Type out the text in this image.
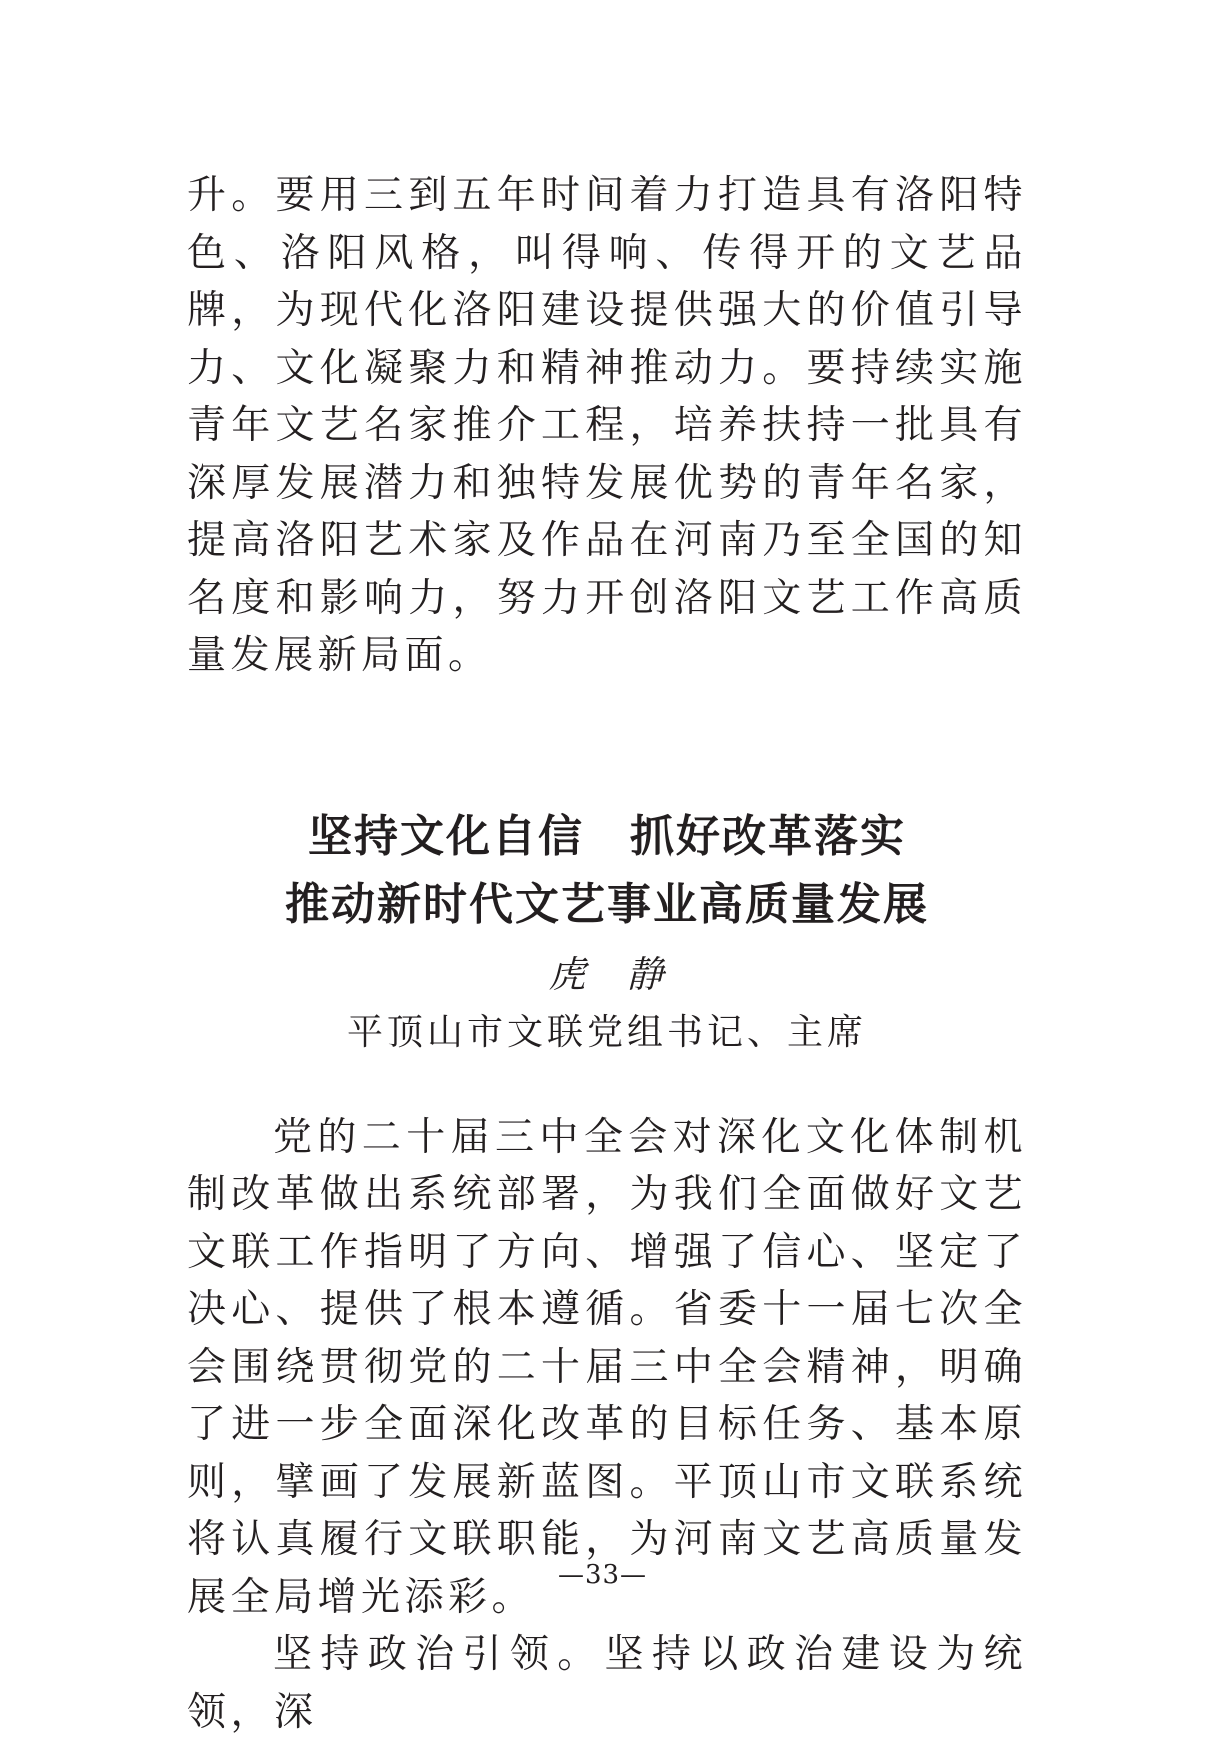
升。要用三到五年时间着力打造具有洛阳特色、洛阳风格，叫得响、传得开的文艺品牌，为现代化洛阳建设提供强大的价值引导力、文化凝聚力和精神推动力。要持续实施青年文艺名家推介工程，培养扶持一批具有深厚发展潜力和独特发展优势的青年名家，提高洛阳艺术家及作品在河南乃至全国的知名度和影响力，努力开创洛阳文艺工作高质量发展新局面。

坚持文化自信　抓好改革落实

推动新时代文艺事业高质量发展

虎　静

平顶山市文联党组书记、主席

党的二十届三中全会对深化文化体制机制改革做出系统部署，为我们全面做好文艺文联工作指明了方向、增强了信心、坚定了决心、提供了根本遵循。省委十一届七次全会围绕贯彻党的二十届三中全会精神，明确了进一步全面深化改革的目标任务、基本原则，擘画了发展新蓝图。平顶山市文联系统将认真履行文联职能，为河南文艺高质量发展全局增光添彩。

坚持政治引领。坚持以政治建设为统领，深

—33—
